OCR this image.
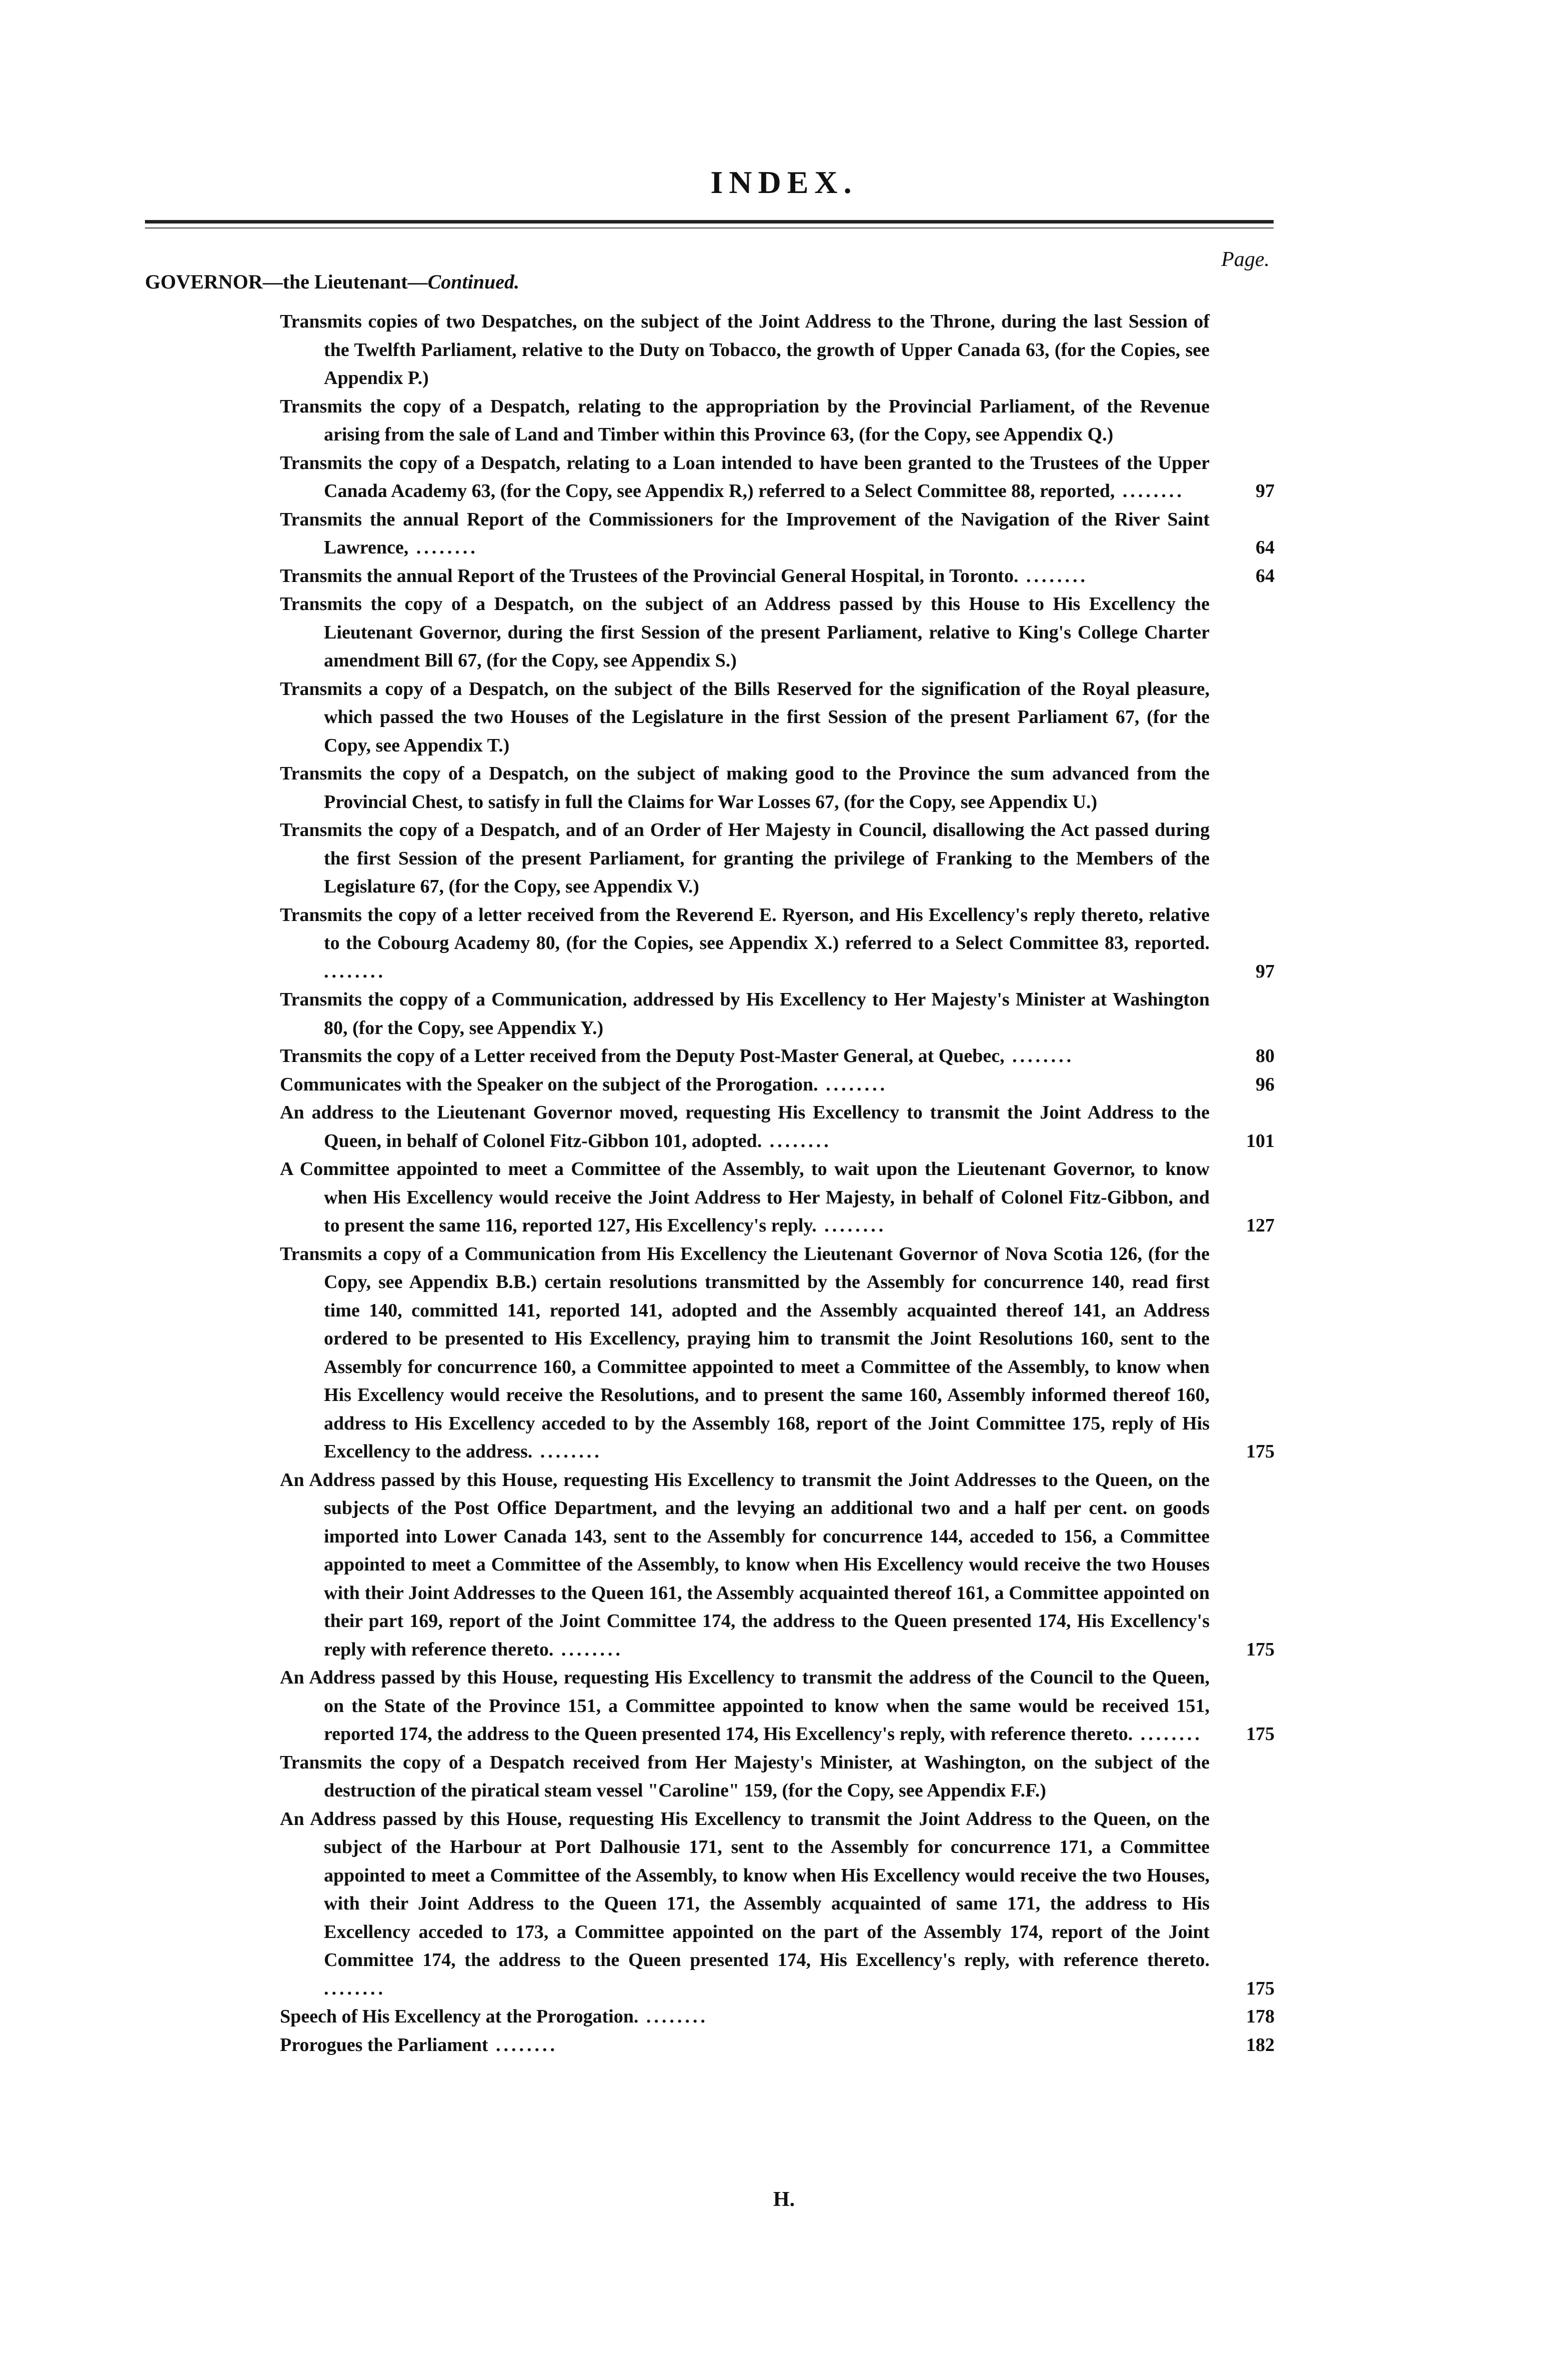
INDEX.
Page.
GOVERNOR—the Lieutenant—Continued.
Transmits copies of two Despatches, on the subject of the Joint Address to the Throne, during the last Session of the Twelfth Parliament, relative to the Duty on Tobacco, the growth of Upper Canada 63, (for the Copies, see Appendix P.)
Transmits the copy of a Despatch, relating to the appropriation by the Provincial Parliament, of the Revenue arising from the sale of Land and Timber within this Province 63, (for the Copy, see Appendix Q.)
Transmits the copy of a Despatch, relating to a Loan intended to have been granted to the Trustees of the Upper Canada Academy 63, (for the Copy, see Appendix R,) referred to a Select Committee 88, reported, ........	97
Transmits the annual Report of the Commissioners for the Improvement of the Navigation of the River Saint Lawrence, ........	64
Transmits the annual Report of the Trustees of the Provincial General Hospital, in Toronto. ........	64
Transmits the copy of a Despatch, on the subject of an Address passed by this House to His Excellency the Lieutenant Governor, during the first Session of the present Parliament, relative to King's College Charter amendment Bill 67, (for the Copy, see Appendix S.)
Transmits a copy of a Despatch, on the subject of the Bills Reserved for the signification of the Royal pleasure, which passed the two Houses of the Legislature in the first Session of the present Parliament 67, (for the Copy, see Appendix T.)
Transmits the copy of a Despatch, on the subject of making good to the Province the sum advanced from the Provincial Chest, to satisfy in full the Claims for War Losses 67, (for the Copy, see Appendix U.)
Transmits the copy of a Despatch, and of an Order of Her Majesty in Council, disallowing the Act passed during the first Session of the present Parliament, for granting the privilege of Franking to the Members of the Legislature 67, (for the Copy, see Appendix V.)
Transmits the copy of a letter received from the Reverend E. Ryerson, and His Excellency's reply thereto, relative to the Cobourg Academy 80, (for the Copies, see Appendix X.) referred to a Select Committee 83, reported. ........	97
Transmits the coppy of a Communication, addressed by His Excellency to Her Majesty's Minister at Washington 80, (for the Copy, see Appendix Y.)
Transmits the copy of a Letter received from the Deputy Post-Master General, at Quebec, ........	80
Communicates with the Speaker on the subject of the Prorogation. ........	96
An address to the Lieutenant Governor moved, requesting His Excellency to transmit the Joint Address to the Queen, in behalf of Colonel Fitz-Gibbon 101, adopted. ........	101
A Committee appointed to meet a Committee of the Assembly, to wait upon the Lieutenant Governor, to know when His Excellency would receive the Joint Address to Her Majesty, in behalf of Colonel Fitz-Gibbon, and to present the same 116, reported 127, His Excellency's reply. ........	127
Transmits a copy of a Communication from His Excellency the Lieutenant Governor of Nova Scotia 126, (for the Copy, see Appendix B.B.) certain resolutions transmitted by the Assembly for concurrence 140, read first time 140, committed 141, reported 141, adopted and the Assembly acquainted thereof 141, an Address ordered to be presented to His Excellency, praying him to transmit the Joint Resolutions 160, sent to the Assembly for concurrence 160, a Committee appointed to meet a Committee of the Assembly, to know when His Excellency would receive the Resolutions, and to present the same 160, Assembly informed thereof 160, address to His Excellency acceded to by the Assembly 168, report of the Joint Committee 175, reply of His Excellency to the address. ........	175
An Address passed by this House, requesting His Excellency to transmit the Joint Addresses to the Queen, on the subjects of the Post Office Department, and the levying an additional two and a half per cent. on goods imported into Lower Canada 143, sent to the Assembly for concurrence 144, acceded to 156, a Committee appointed to meet a Committee of the Assembly, to know when His Excellency would receive the two Houses with their Joint Addresses to the Queen 161, the Assembly acquainted thereof 161, a Committee appointed on their part 169, report of the Joint Committee 174, the address to the Queen presented 174, His Excellency's reply with reference thereto. ........	175
An Address passed by this House, requesting His Excellency to transmit the address of the Council to the Queen, on the State of the Province 151, a Committee appointed to know when the same would be received 151, reported 174, the address to the Queen presented 174, His Excellency's reply, with reference thereto. ........	175
Transmits the copy of a Despatch received from Her Majesty's Minister, at Washington, on the subject of the destruction of the piratical steam vessel "Caroline" 159, (for the Copy, see Appendix F.F.)
An Address passed by this House, requesting His Excellency to transmit the Joint Address to the Queen, on the subject of the Harbour at Port Dalhousie 171, sent to the Assembly for concurrence 171, a Committee appointed to meet a Committee of the Assembly, to know when His Excellency would receive the two Houses, with their Joint Address to the Queen 171, the Assembly acquainted of same 171, the address to His Excellency acceded to 173, a Committee appointed on the part of the Assembly 174, report of the Joint Committee 174, the address to the Queen presented 174, His Excellency's reply, with reference thereto. ........	175
Speech of His Excellency at the Prorogation. ........	178
Prorogues the Parliament ........	182
H.
